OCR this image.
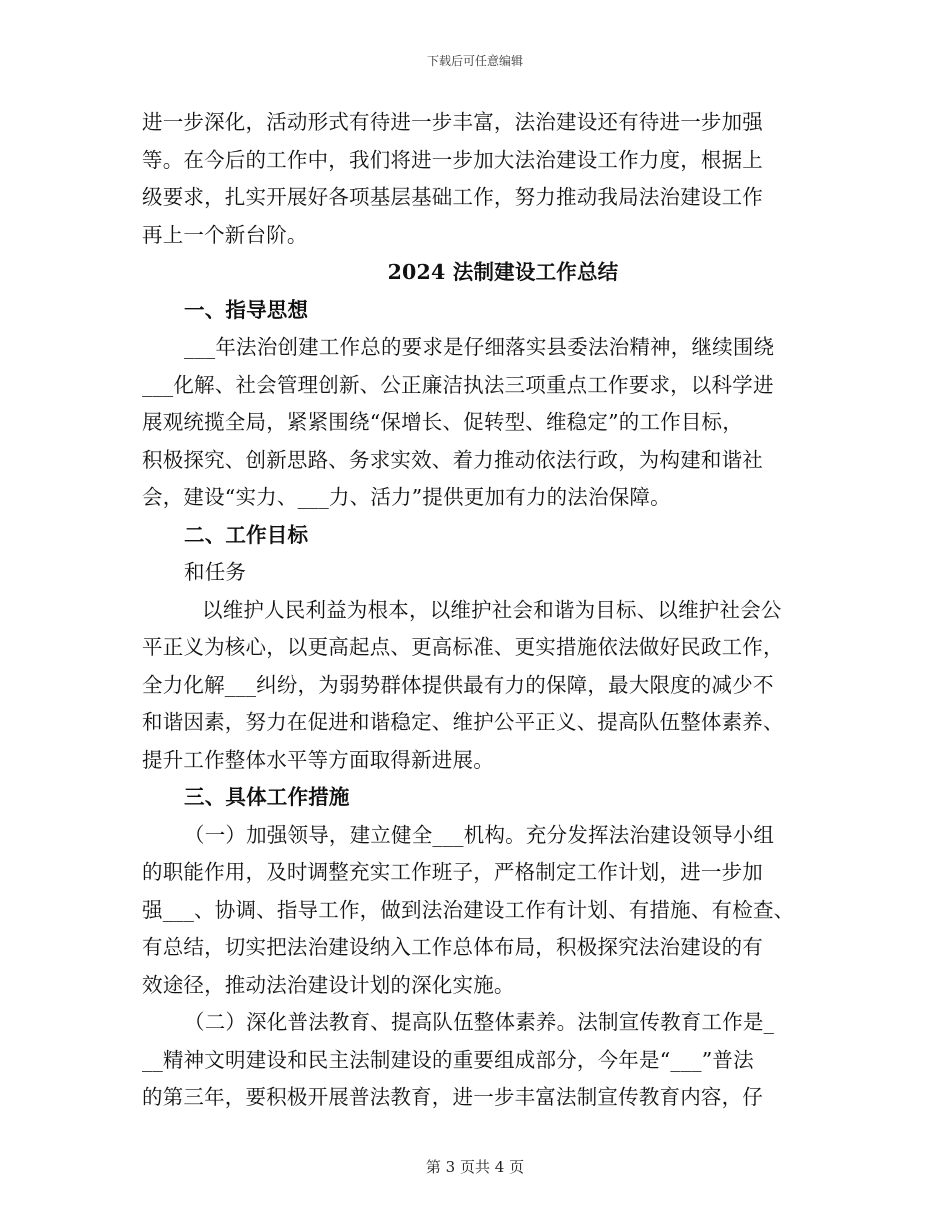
下载后可任意编辑
进一步深化，活动形式有待进一步丰富，法治建设还有待进一步加强
等。在今后的工作中，我们将进一步加大法治建设工作力度，根据上
级要求，扎实开展好各项基层基础工作，努力推动我局法治建设工作
再上一个新台阶。
2024 法制建设工作总结
一、指导思想
___年法治创建工作总的要求是仔细落实县委法治精神，继续围绕
___化解、社会管理创新、公正廉洁执法三项重点工作要求，以科学进
展观统揽全局，紧紧围绕“保增长、促转型、维稳定”的工作目标，
积极探究、创新思路、务求实效、着力推动依法行政，为构建和谐社
会，建设“实力、___力、活力”提供更加有力的法治保障。
二、工作目标
和任务
以维护人民利益为根本，以维护社会和谐为目标、以维护社会公
平正义为核心，以更高起点、更高标准、更实措施依法做好民政工作，
全力化解___纠纷，为弱势群体提供最有力的保障，最大限度的减少不
和谐因素，努力在促进和谐稳定、维护公平正义、提高队伍整体素养、
提升工作整体水平等方面取得新进展。
三、具体工作措施
（一）加强领导，建立健全___机构。充分发挥法治建设领导小组
的职能作用，及时调整充实工作班子，严格制定工作计划，进一步加
强___、协调、指导工作，做到法治建设工作有计划、有措施、有检查、
有总结，切实把法治建设纳入工作总体布局，积极探究法治建设的有
效途径，推动法治建设计划的深化实施。
（二）深化普法教育、提高队伍整体素养。法制宣传教育工作是_
__精神文明建设和民主法制建设的重要组成部分，今年是“___”普法
的第三年，要积极开展普法教育，进一步丰富法制宣传教育内容，仔
第 3 页共 4 页
